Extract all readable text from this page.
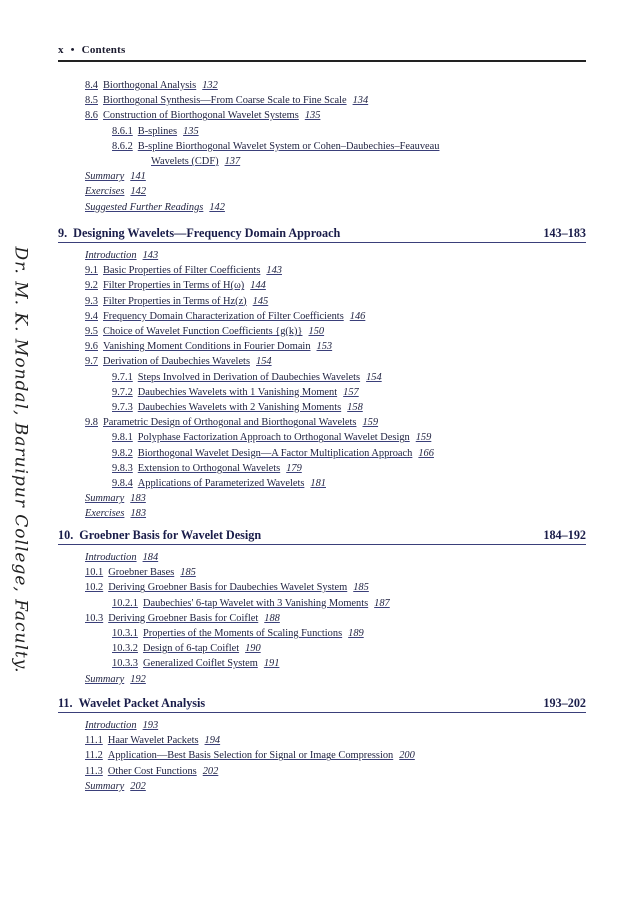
x • Contents
Dr. M. K. Mondal, Baruipur College, Faculty.
8.4 Biorthogonal Analysis 132
8.5 Biorthogonal Synthesis—From Coarse Scale to Fine Scale 134
8.6 Construction of Biorthogonal Wavelet Systems 135
8.6.1 B-splines 135
8.6.2 B-spline Biorthogonal Wavelet System or Cohen–Daubechies–Feauveau
Wavelets (CDF) 137
Summary 141
Exercises 142
Suggested Further Readings 142
9. Designing Wavelets—Frequency Domain Approach	143–183
Introduction 143
9.1 Basic Properties of Filter Coefficients 143
9.2 Filter Properties in Terms of H(ω) 144
9.3 Filter Properties in Terms of Hz(z) 145
9.4 Frequency Domain Characterization of Filter Coefficients 146
9.5 Choice of Wavelet Function Coefficients {g(k)} 150
9.6 Vanishing Moment Conditions in Fourier Domain 153
9.7 Derivation of Daubechies Wavelets 154
9.7.1 Steps Involved in Derivation of Daubechies Wavelets 154
9.7.2 Daubechies Wavelets with 1 Vanishing Moment 157
9.7.3 Daubechies Wavelets with 2 Vanishing Moments 158
9.8 Parametric Design of Orthogonal and Biorthogonal Wavelets 159
9.8.1 Polyphase Factorization Approach to Orthogonal Wavelet Design 159
9.8.2 Biorthogonal Wavelet Design—A Factor Multiplication Approach 166
9.8.3 Extension to Orthogonal Wavelets 179
9.8.4 Applications of Parameterized Wavelets 181
Summary 183
Exercises 183
10. Groebner Basis for Wavelet Design	184–192
Introduction 184
10.1 Groebner Bases 185
10.2 Deriving Groebner Basis for Daubechies Wavelet System 185
10.2.1 Daubechies' 6-tap Wavelet with 3 Vanishing Moments 187
10.3 Deriving Groebner Basis for Coiflet 188
10.3.1 Properties of the Moments of Scaling Functions 189
10.3.2 Design of 6-tap Coiflet 190
10.3.3 Generalized Coiflet System 191
Summary 192
11. Wavelet Packet Analysis	193–202
Introduction 193
11.1 Haar Wavelet Packets 194
11.2 Application—Best Basis Selection for Signal or Image Compression 200
11.3 Other Cost Functions 202
Summary 202
